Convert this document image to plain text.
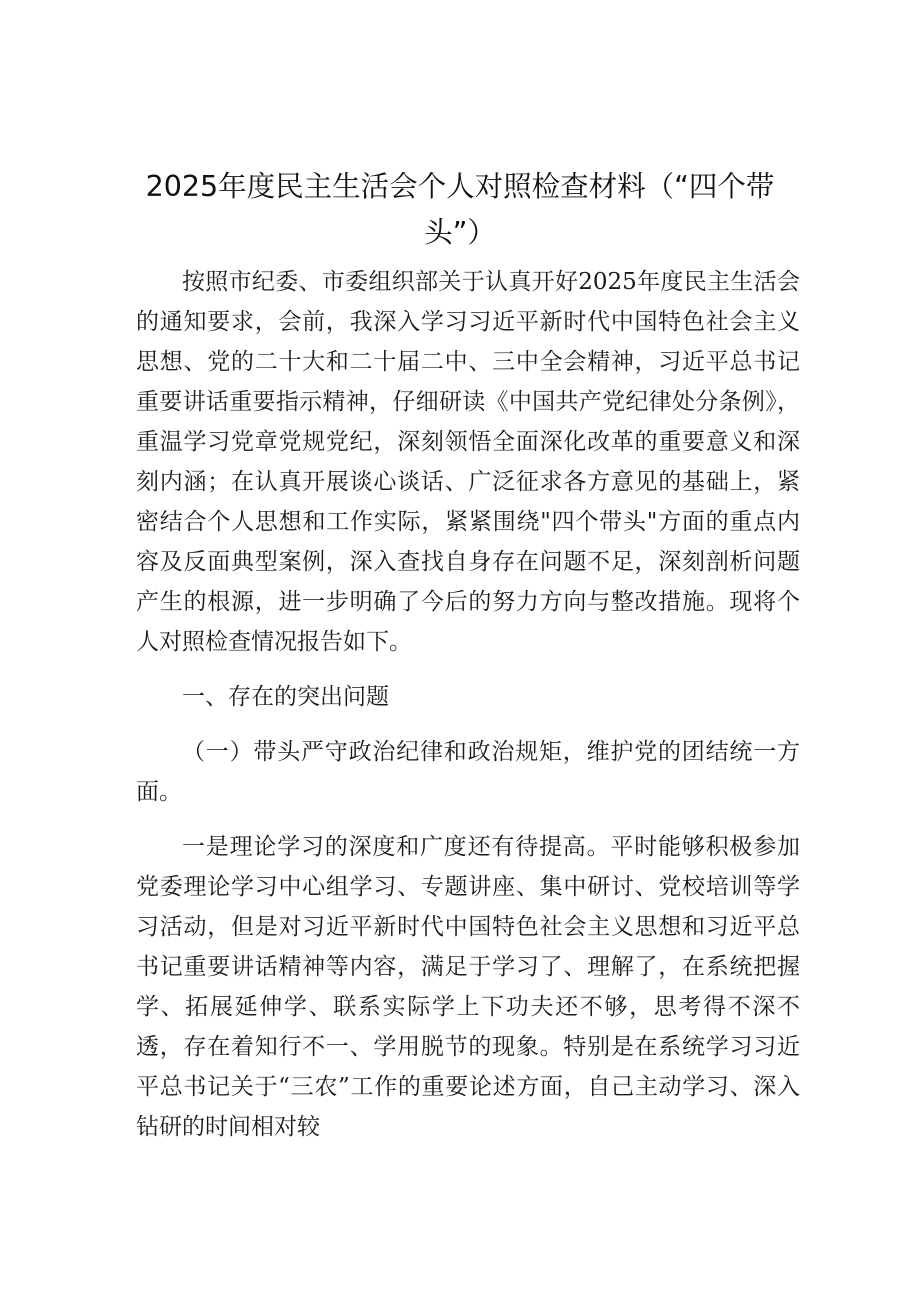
2025年度民主生活会个人对照检查材料（“四个带头”）

按照市纪委、市委组织部关于认真开好2025年度民主生活会的通知要求，会前，我深入学习习近平新时代中国特色社会主义思想、党的二十大和二十届二中、三中全会精神，习近平总书记重要讲话重要指示精神，仔细研读《中国共产党纪律处分条例》，重温学习党章党规党纪，深刻领悟全面深化改革的重要意义和深刻内涵；在认真开展谈心谈话、广泛征求各方意见的基础上，紧密结合个人思想和工作实际，紧紧围绕"四个带头"方面的重点内容及反面典型案例，深入查找自身存在问题不足，深刻剖析问题产生的根源，进一步明确了今后的努力方向与整改措施。现将个人对照检查情况报告如下。

一、存在的突出问题

（一）带头严守政治纪律和政治规矩，维护党的团结统一方面。

一是理论学习的深度和广度还有待提高。平时能够积极参加党委理论学习中心组学习、专题讲座、集中研讨、党校培训等学习活动，但是对习近平新时代中国特色社会主义思想和习近平总书记重要讲话精神等内容，满足于学习了、理解了，在系统把握学、拓展延伸学、联系实际学上下功夫还不够，思考得不深不透，存在着知行不一、学用脱节的现象。特别是在系统学习习近平总书记关于“三农”工作的重要论述方面，自己主动学习、深入钻研的时间相对较
